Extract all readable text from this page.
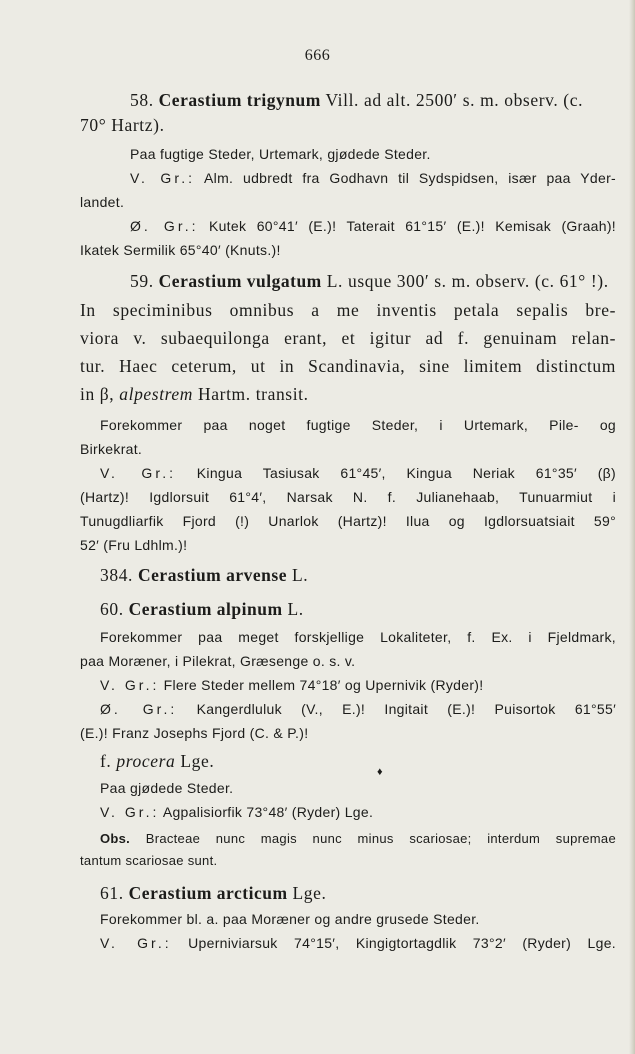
666
58. Cerastium trigynum Vill. ad alt. 2500′ s. m. observ. (c.
70° Hartz).
Paa fugtige Steder, Urtemark, gjødede Steder.
V. Gr.: Alm. udbredt fra Godhavn til Sydspidsen, især paa Yder-
landet.
Ø. Gr.: Kutek 60°41′ (E.)! Taterait 61°15′ (E.)! Kemisak (Graah)!
Ikatek Sermilik 65°40′ (Knuts.)!
59. Cerastium vulgatum L. usque 300′ s. m. observ. (c. 61° !).
In speciminibus omnibus a me inventis petala sepalis bre-
viora v. subaequilonga erant, et igitur ad f. genuinam relan-
tur. Haec ceterum, ut in Scandinavia, sine limitem distinctum
in β, alpestrem Hartm. transit.
Forekommer paa noget fugtige Steder, i Urtemark, Pile- og
Birkekrat.
V. Gr.: Kingua Tasiusak 61°45′, Kingua Neriak 61°35′ (β)
(Hartz)! Igdlorsuit 61°4′, Narsak N. f. Julianehaab, Tunuarmiut i
Tunugdliarfik Fjord (!) Unarlok (Hartz)! Ilua og Igdlorsuatsiait 59°
52′ (Fru Ldhlm.)!
384. Cerastium arvense L.
60. Cerastium alpinum L.
Forekommer paa meget forskjellige Lokaliteter, f. Ex. i Fjeldmark,
paa Moræner, i Pilekrat, Græsenge o. s. v.
V. Gr.: Flere Steder mellem 74°18′ og Upernivik (Ryder)!
Ø. Gr.: Kangerdluluk (V., E.)! Ingitait (E.)! Puisortok 61°55′
(E.)! Franz Josephs Fjord (C. & P.)!
f. procera Lge.
Paa gjødede Steder.
V. Gr.: Agpalisiorfik 73°48′ (Ryder) Lge.
Obs. Bracteae nunc magis nunc minus scariosae; interdum supremae
tantum scariosae sunt.
61. Cerastium arcticum Lge.
Forekommer bl. a. paa Moræner og andre grusede Steder.
V. Gr.: Uperniviarsuk 74°15′, Kingigtortagdlik 73°2′ (Ryder) Lge.
♦
